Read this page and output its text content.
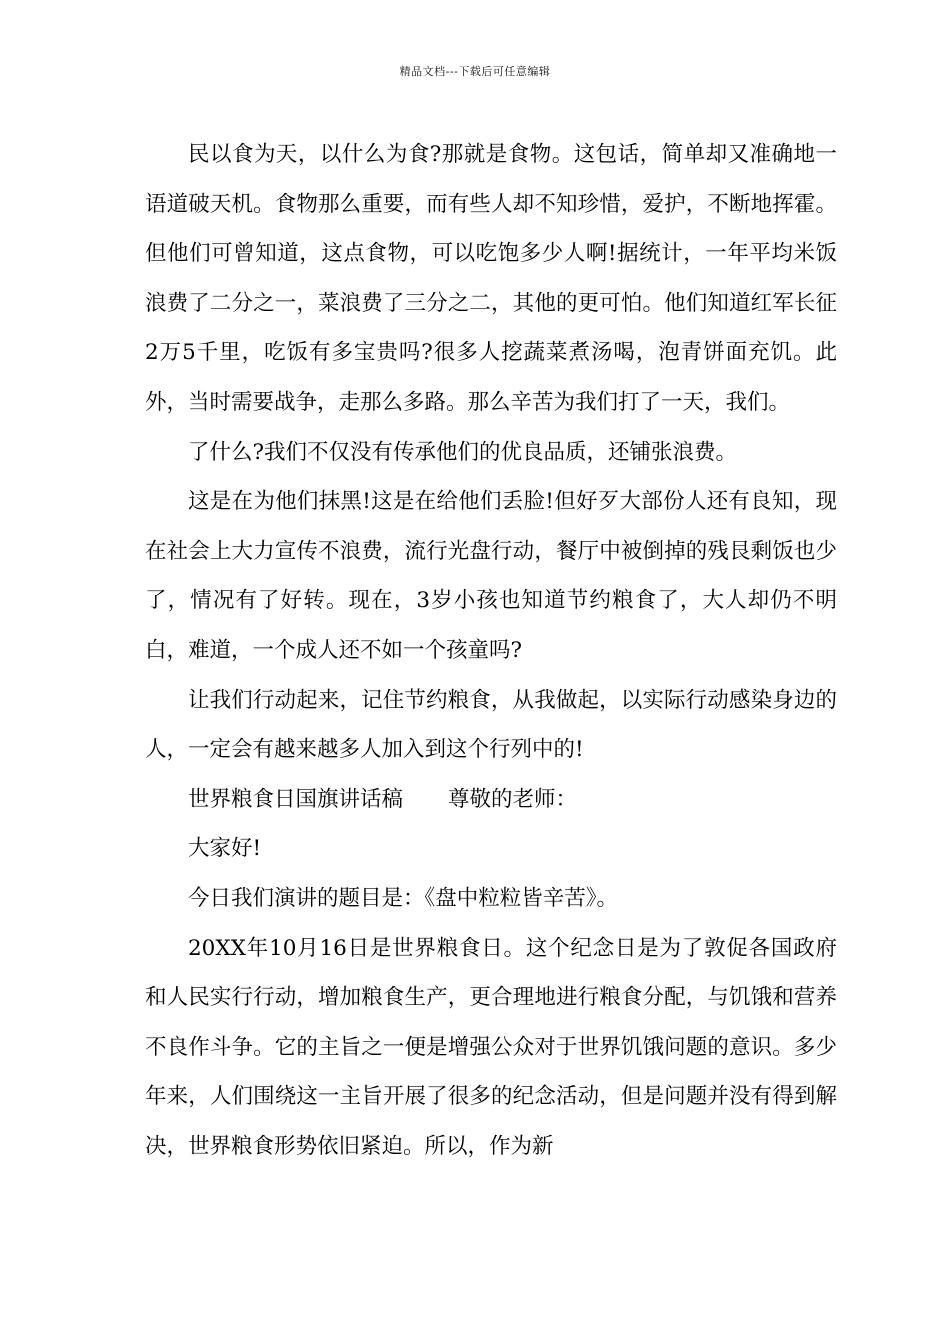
精品文档---下载后可任意编辑

民以食为天，以什么为食?那就是食物。这包话，简单却又准确地一语道破天机。食物那么重要，而有些人却不知珍惜，爱护，不断地挥霍。但他们可曾知道，这点食物，可以吃饱多少人啊!据统计，一年平均米饭浪费了二分之一，菜浪费了三分之二，其他的更可怕。他们知道红军长征2万5千里，吃饭有多宝贵吗?很多人挖蔬菜煮汤喝，泡青饼面充饥。此外，当时需要战争，走那么多路。那么辛苦为我们打了一天，我们。

了什么?我们不仅没有传承他们的优良品质，还铺张浪费。

这是在为他们抹黑!这是在给他们丢脸!但好歹大部份人还有良知，现在社会上大力宣传不浪费，流行光盘行动，餐厅中被倒掉的残艮剩饭也少了，情况有了好转。现在，3岁小孩也知道节约粮食了，大人却仍不明白，难道，一个成人还不如一个孩童吗?

让我们行动起来，记住节约粮食，从我做起，以实际行动感染身边的人，一定会有越来越多人加入到这个行列中的!

世界粮食日国旗讲话稿 尊敬的老师：

大家好!

今日我们演讲的题目是：《盘中粒粒皆辛苦》。

20XX年10月16日是世界粮食日。这个纪念日是为了敦促各国政府和人民实行行动，增加粮食生产，更合理地进行粮食分配，与饥饿和营养不良作斗争。它的主旨之一便是增强公众对于世界饥饿问题的意识。多少年来，人们围绕这一主旨开展了很多的纪念活动，但是问题并没有得到解决，世界粮食形势依旧紧迫。所以，作为新
